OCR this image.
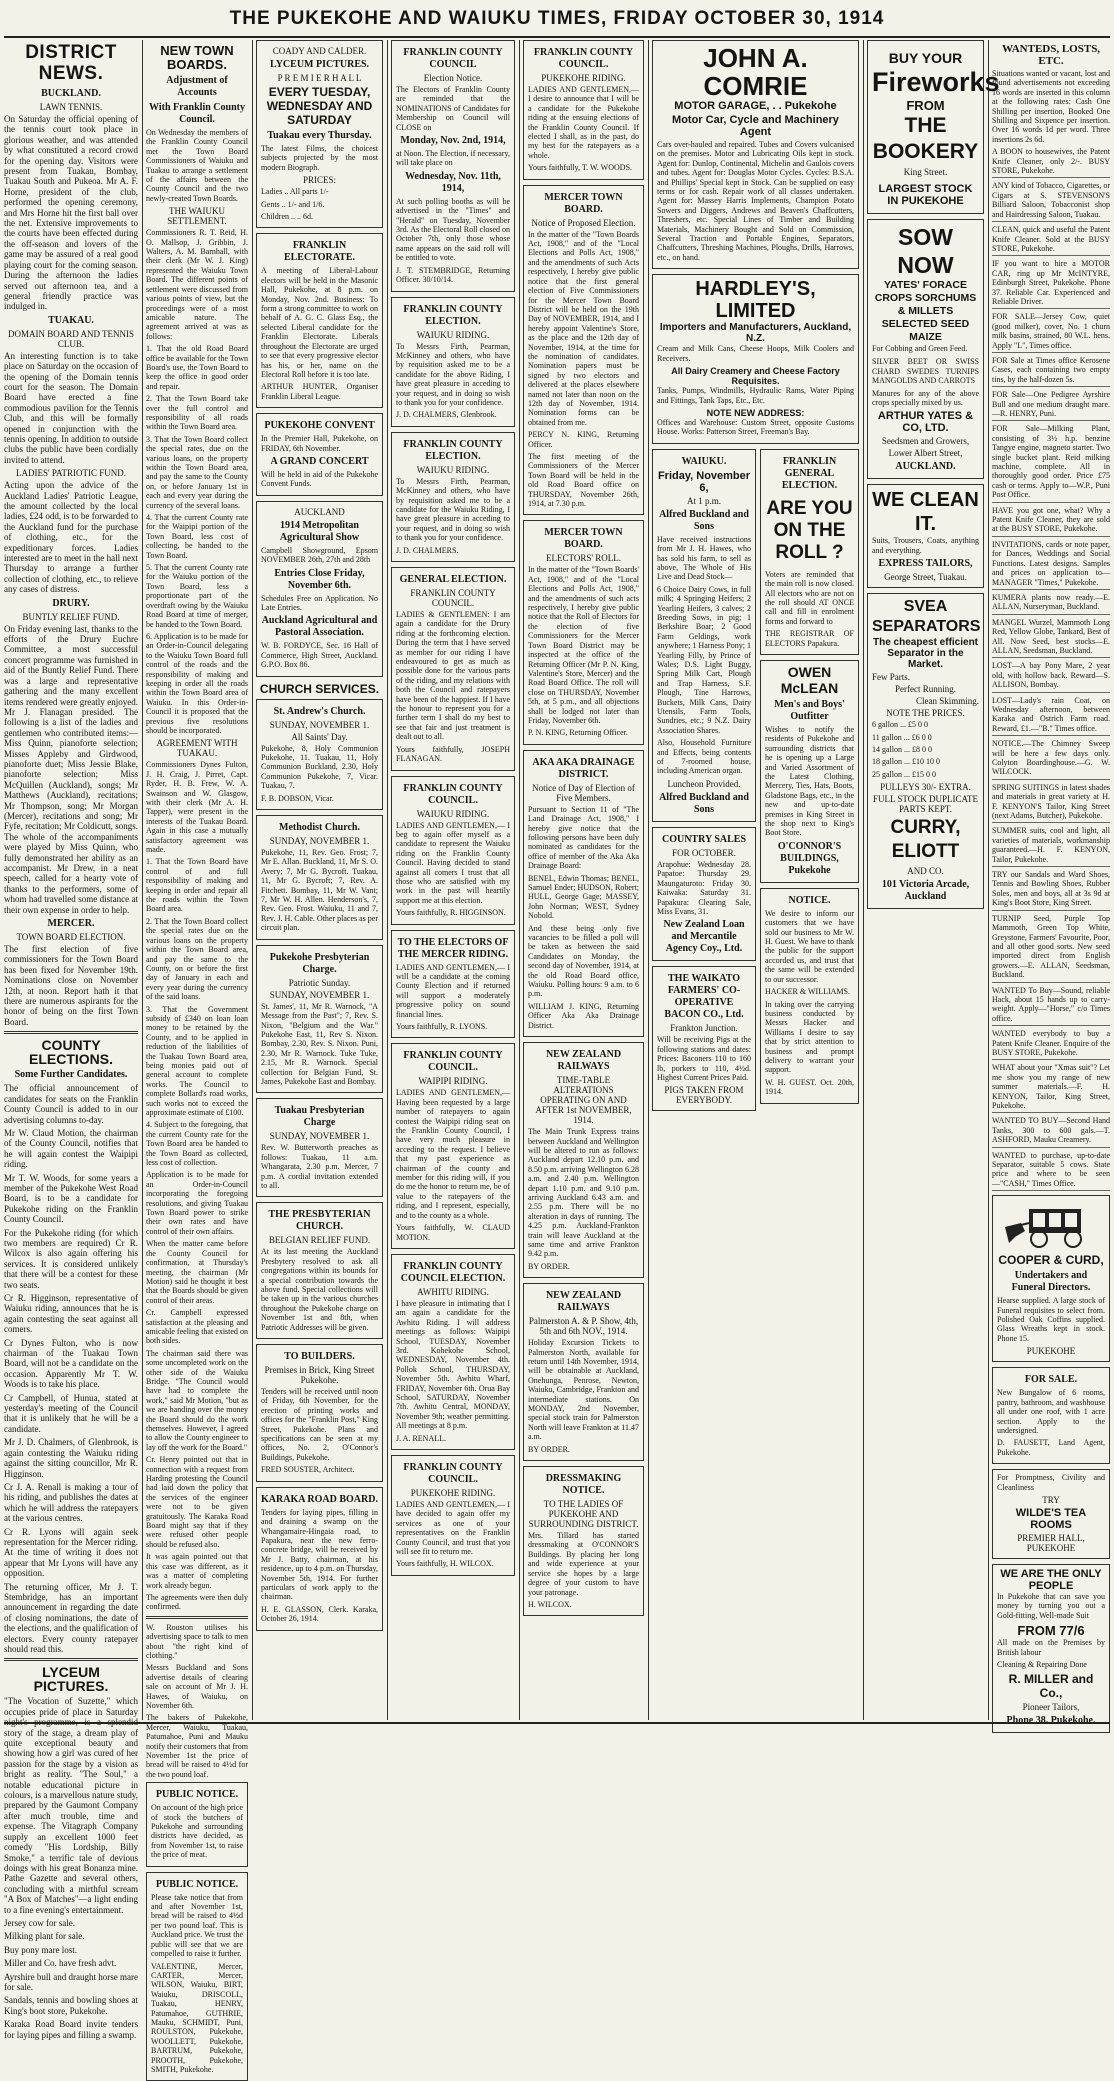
THE PUKEKOHE AND WAIUKU TIMES, FRIDAY OCTOBER 30, 1914
DISTRICT NEWS.
BUCKLAND.
LAWN TENNIS.

On Saturday the official opening of the tennis court took place in glorious weather, and was attended by what constituted a record crowd for the opening day. Visitors were present from Tuakau, Bombay, Tuakau South and Pukeoa. Mr A. F. Horne, president of the club, performed the opening ceremony, and Mrs Horne hit the first ball over the net. Extensive improvements to the courts have been effected during the off-season and lovers of the game may be assured of a real good playing court for the coming season. During the afternoon the ladies served out afternoon tea, and a general friendly practice was indulged in.

TUAKAU.
DOMAIN BOARD AND TENNIS CLUB.

An interesting function is to take place on Saturday on the occasion of the opening of the Domain tennis court for the season. The Domain Board have erected a fine commodious pavilion for the Tennis Club, and this will be formally opened in conjunction with the tennis opening. In addition to outside clubs the public have been cordially invited to attend.

LADIES' PATRIOTIC FUND.

Acting upon the advice of the Auckland Ladies' Patriotic League, the amount collected by the local ladies, £24 odd, is to be forwarded to the Auckland fund for the purchase of clothing, etc., for the expeditionary forces. Ladies interested are to meet in the hall next Thursday to arrange a further collection of clothing, etc., to relieve any cases of distress.

DRURY.
BUNTLY RELIEF FUND.

On Friday evening last, thanks to the efforts of the Drury Euchre Committee, a most successful concert programme was furnished in aid of the Buntly Relief Fund. There was a large and representative gathering and the many excellent items rendered were greatly enjoyed. Mr J. Flanagan presided. The following is a list of the ladies and gentlemen who contributed items:—Miss Quinn, pianoforte selection; Misses Appleby and Girdwood, pianoforte duet; Miss Jessie Blake, pianoforte selection; Miss McQuillen (Auckland), songs; Mr Matthews (Auckland), recitations; Mr Thompson, song; Mr Morgan (Mercer), recitations and song; Mr Fyfe, recitation; Mr Coldicutt, songs. The whole of the accompaniments were played by Miss Quinn, who fully demonstrated her ability as an accompanist. Mr Drew, in a neat speech, called for a hearty vote of thanks to the performers, some of whom had travelled some distance at their own expense in order to help.

MERCER.
TOWN BOARD ELECTION.

The first election of five commissioners for the Town Board has been fixed for November 19th. Nominations close on November 12th, at noon. Report hath it that there are numerous aspirants for the honor of being on the first Town Board.

COUNTY ELECTIONS.
Some Further Candidates.

The official announcement of candidates for seats on the Franklin County Council is added to in our advertising columns to-day.

Mr W. Claud Motion, the chairman of the County Council, notifies that he will again contest the Waipipi riding.

Mr T. W. Woods, for some years a member of the Pukekohe West Road Board, is to be a candidate for Pukekohe riding on the Franklin County Council.

For the Pukekohe riding (for which two members are required) Cr R. Wilcox is also again offering his services. It is considered unlikely that there will be a contest for these two seats.

Cr R. Higginson, representative of Waiuku riding, announces that he is again contesting the seat against all comers.

Cr Dynes Fulton, who is now chairman of the Tuakau Town Board, will not be a candidate on the occasion. Apparently Mr T. W. Woods is to take his place.

Cr Campbell, of Hunua, stated at yesterday's meeting of the Council that it is unlikely that he will be a candidate.

Mr J. D. Chalmers, of Glenbrook, is again contesting the Waiuku riding against the sitting councillor, Mr R. Higginson.

Cr J. A. Renall is making a tour of his riding, and publishes the dates at which he will address the ratepayers at the various centres.

Cr R. Lyons will again seek representation for the Mercer riding. At the time of writing it does not appear that Mr Lyons will have any opposition.

The returning officer, Mr J. T. Stembridge, has an important announcement in regarding the date of closing nominations, the date of the elections, and the qualification of electors. Every county ratepayer should read this.

LYCEUM PICTURES.

"The Vocation of Suzette," which occupies pride of place in Saturday night's programme, is a splendid story of the stage, a dream play of quite exceptional beauty and showing how a girl was cured of her passion for the stage by a vision as bright as reality. "The Soul," a notable educational picture in colours, is a marvellous nature study, prepared by the Gaumont Company after much trouble, time and expense. The Vitagraph Company supply an excellent 1000 feet comedy "His Lordship, Billy Smoke," a terrific tale of devious doings with his great Bonanza mine. Pathe Gazette and several others, concluding with a mirthful scream "A Box of Matches"—a light ending to a fine evening's entertainment.

Jersey cow for sale.

Milking plant for sale.

Buy pony mare lost.

Miller and Co. have fresh advt.

Ayrshire bull and draught horse mare for sale.

Sandals, tennis and bowling shoes at King's boot store, Pukekohe.

Karaka Road Board invite tenders for laying pipes and filling a swamp.

NEW TOWN BOARDS.
Adjustment of Accounts
With Franklin County Council.

On Wednesday the members of the Franklin County Council met the Town Board Commissioners of Waiuku and Tuakau to arrange a settlement of the affairs between the County Council and the two newly-created Town Boards.

THE WAIUKU SETTLEMENT.

Commissioners R. T. Reid, H. O. Mallsop, J. Gribbin, J. Walters, A. M. Barnhall, with their clerk (Mr W. J. King) represented the Waiuku Town Board. The different points of settlement were discussed from various points of view, but the proceedings were of a most amicable nature. The agreement arrived at was as follows:

1. That the old Road Board office be available for the Town Board's use, the Town Board to keep the office in good order and repair.

2. That the Town Board take over the full control and responsibility of all roads within the Town Board area.

3. That the Town Board collect the special rates, due on the various loans, on the property within the Town Board area, and pay the same to the County on, or before January 1st in each and every year during the currency of the several loans.

4. That the current County rate for the Waipipi portion of the Town Board, less cost of collecting, be handed to the Town Board.

5. That the current County rate for the Waiuku portion of the Town Board, less a proportionate part of the overdraft owing by the Waiuku Road Board at time of merger, be handed to the Town Board.

6. Application is to be made for an Order-in-Council delegating to the Waiuku Town Board full control of the roads and the responsibility of making and keeping in order all the roads within the Town Board area of Waiuku. In this Order-in-Council it is proposed that the previous five resolutions should be incorporated.

AGREEMENT WITH TUAKAU.

Commissioners Dynes Fulton, J. H. Craig, J. Pirret, Capt. Ryder, H. B. Frew, W. A. Swainson and W. Glasgow, with their clerk (Mr A. H. Tapper), were present in the interests of the Tuakau Board. Again in this case a mutually satisfactory agreement was made.

1. That the Town Board have control of and full responsibility of making and keeping in order and repair all the roads within the Town Board area.

2. That the Town Board collect the special rates due on the various loans on the property within the Town Board area, and pay the same to the County, on or before the first day of January in each and every year during the currency of the said loans.

3. That the Government subsidy of £340 on loan loan money to be retained by the County, and to be applied in reduction of the liabilities of the Tuakau Town Board area, being monies paid out of general account to complete works. The Council to complete Bollard's road works, such works not to exceed the approximate estimate of £100.

4. Subject to the foregoing, that the current County rate for the Town Board area be handed to the Town Board as collected, less cost of collection.

Application is to be made for an Order-in-Council incorporating the foregoing resolutions, and giving Tuakau Town Board power to strike their own rates and have control of their own affairs.

When the matter came before the County Council for confirmation, at Thursday's meeting, the chairman (Mr Motion) said he thought it best that the Boards should be given control of their areas.

Cr. Campbell expressed satisfaction at the pleasing and amicable feeling that existed on both sides.

The chairman said there was some uncompleted work on the other side of the Waiuku Bridge. "The Council would have had to complete the work," said Mr Motion, "but as we are handing over the money the Board should do the work themselves. However, I agreed to allow the County engineer to lay off the work for the Board."

Cr. Henry pointed out that in connection with a request from Harding protesting the Council had laid down the policy that the services of the engineer were not to be given gratuitously. The Karaka Road Board might say that if they were refused other people should be refused also.

It was again pointed out that this case was different, as it was a matter of completing work already begun.

The agreements were then duly confirmed.

W. Rouston utilises his advertising space to talk to men about "the right kind of clothing."

Messrs Buckland and Sons advertise details of clearing sale on account of Mr J. H. Hawes, of Waiuku, on November 6th.

The bakers of Pukekohe, Mercer, Waiuku, Tuakau, Patumahoe, Puni and Mauku notify their customers that from November 1st the price of bread will be raised to 4½d for the two pound loaf.

PUBLIC NOTICE.

On account of the high price of stock the butchers of Pukekohe and surrounding districts have decided, as from November 1st, to raise the price of meat.

PUBLIC NOTICE.

Please take notice that from and after November 1st, bread will be raised to 4½d per two pound loaf. This is Auckland price. We trust the public will see that we are compelled to raise it further.

VALENTINE, Mercer, CARTER, Mercer, WILSON, Waiuku, BIRT, Waiuku, DRISCOLL, Tuakau, HENRY, Patumahoe, GUTHRIE, Mauku, SCHMIDT, Puni, ROULSTON, Pukekohe, WOOLLETT, Pukekohe, BARTRUM, Pukekohe, PROOTH, Pukekohe, SMITH, Pukekohe.

COADY AND CALDER.
LYCEUM PICTURES.
P R E M I E R H A L L
EVERY TUESDAY, WEDNESDAY AND SATURDAY
Tuakau every Thursday.

The latest Films, the choicest subjects projected by the most modern Biograph.

PRICES:

Ladies .. All parts 1/-

Gents .. 1/- and 1/6.

Children .. .. 6d.

FRANKLIN ELECTORATE.

A meeting of Liberal-Labour electors will be held in the Masonic Hall, Pukekohe, at 8 p.m. on Monday, Nov. 2nd. Business: To form a strong committee to work on behalf of A. G. C. Glass Esq., the selected Liberal candidate for the Franklin Electorate. Liberals throughout the Electorate are urged to see that every progressive elector has his, or her, name on the Electoral Roll before it is too late.

ARTHUR HUNTER, Organiser Franklin Liberal League.

PUKEKOHE CONVENT

In the Premier Hall, Pukekohe, on FRIDAY, 6th November.

A GRAND CONCERT

Will be held in aid of the Pukekohe Convent Funds.

AUCKLAND
1914 Metropolitan Agricultural Show

Campbell Showground, Epsom NOVEMBER 26th, 27th and 28th

Entries Close Friday, November 6th.

Schedules Free on Application. No Late Entries.

Auckland Agricultural and Pastoral Association.

W. B. FORDYCE, Sec. 16 Hall of Commerce, High Street, Auckland. G.P.O. Box 86.

CHURCH SERVICES.
St. Andrew's Church.
SUNDAY, NOVEMBER 1.
All Saints' Day.

Pukekohe, 8, Holy Communion Pukekohe, 11. Tuakau, 11, Holy Communion Buckland, 2.30, Holy Communion Pukekohe, 7, Vicar. Tuakau, 7.

F. B. DOBSON, Vicar.

Methodist Church.
SUNDAY, NOVEMBER 1.

Pukekohe, 11, Rev. Geo. Frost; 7, Mr E. Allan. Buckland, 11, Mr S. O. Avery; 7, Mr G. Bycroft. Tuakau, 11, Mr G. Bycroft; 7, Rev. A. Fitchett. Bombay, 11, Mr W. Vant; 7, Mr W. H. Allen. Henderson's, 7, Rev. Geo. Frost. Waiuku, 11 and 7, Rev. J. H. Cable. Other places as per circuit plan.

Pukekohe Presbyterian Charge.
Patriotic Sunday.
SUNDAY, NOVEMBER 1.

St. James', 11, Mr R. Warnock, "A Message from the Past"; 7, Rev. S. Nixon, "Belgium and the War." Pukekohe East, 11, Rev S. Nixon. Bombay, 2.30, Rev. S. Nixon. Puni, 2.30, Mr R. Warnock. Tuke Tuke, 2.15, Mr R. Warnock. Special collection for Belgian Fund, St. James, Pukekohe East and Bombay.

Tuakau Presbyterian Charge
SUNDAY, NOVEMBER 1.

Rev. W. Butterworth preaches as follows: Tuakau, 11 a.m. Whangarata, 2.30 p.m. Mercer, 7 p.m. A cordial invitation extended to all.

THE PRESBYTERIAN CHURCH.
BELGIAN RELIEF FUND.

At its last meeting the Auckland Presbytery resolved to ask all congregations within its bounds for a special contribution towards the above fund. Special collections will be taken up in the various churches throughout the Pukekohe charge on November 1st and 8th, when Patriotic Addresses will be given.

TO BUILDERS.
Premises in Brick, King Street Pukekohe.

Tenders will be received until noon of Friday, 6th November, for the erection of printing works and offices for the "Franklin Post," King Street, Pukekohe. Plans and specifications can be seen at my offices, No. 2, O'Connor's Buildings, Pukekohe.

FRED SOUSTER, Architect.

KARAKA ROAD BOARD.

Tenders for laying pipes, filling in and draining a swamp on the Whangamaire-Hingaia road, to Papakura, near the new ferro-concrete bridge, will be received by Mr J. Batty, chairman, at his residence, up to 4 p.m. on Thursday, November 5th, 1914. For further particulars of work apply to the chairman.

H. E. GLASSON, Clerk. Karaka, October 26, 1914.

FRANKLIN COUNTY COUNCIL
Election Notice.

The Electors of Franklin County are reminded that the NOMINATIONS of Candidates for Membership on Council will CLOSE on

Monday, Nov. 2nd, 1914,

at Noon. The Election, if necessary, will take place on

Wednesday, Nov. 11th, 1914,

At such polling booths as will be advertised in the "Times" and "Herald" on Tuesday, November 3rd. As the Electoral Roll closed on October 7th, only those whose name appears on the said roll will be entitled to vote.

J. T. STEMBRIDGE, Returning Officer. 30/10/14.

FRANKLIN COUNTY ELECTION.
WAIUKU RIDING.

To Messrs Firth, Pearman, McKinney and others, who have by requisition asked me to be a candidate for the above Riding, I have great pleasure in acceding to your request, and in doing so wish to thank you for your confidence.

J. D. CHALMERS, Glenbrook.

FRANKLIN COUNTY ELECTION.
WAIUKU RIDING.

To Messrs Firth, Pearman, McKinney and others, who have by requisition asked me to be a candidate for the Waiuku Riding, I have great pleasure in acceding to your request, and in doing so wish to thank you for your confidence.

J. D. CHALMERS.

GENERAL ELECTION.
FRANKLIN COUNTY COUNCIL.

LADIES & GENTLEMEN: I am again a candidate for the Drury riding at the forthcoming election. During the term that I have served as member for our riding I have endeavoured to get as much as possible done for the various parts of the riding, and my relations with both the Council and ratepayers have been of the happiest. If I have the honour to represent you for a further term I shall do my best to see that fair and just treatment is dealt out to all.

Yours faithfully, JOSEPH FLANAGAN.

FRANKLIN COUNTY COUNCIL.
WAIUKU RIDING.

LADIES AND GENTLEMEN,— I beg to again offer myself as a candidate to represent the Waiuku riding on the Franklin County Council. Having decided to stand against all comers I trust that all those who are satisfied with my work in the past will heartily support me at this election.

Yours faithfully, R. HIGGINSON.

TO THE ELECTORS OF THE MERCER RIDING.

LADIES AND GENTLEMEN,— I will be a candidate at the coming County Election and if returned will support a moderately progressive policy on sound financial lines.

Yours faithfully, R. LYONS.

FRANKLIN COUNTY COUNCIL.
WAIPIPI RIDING.

LADIES AND GENTLEMEN,— Having been requested by a large number of ratepayers to again contest the Waipipi riding seat on the Franklin County Council, I have very much pleasure in acceding to the request. I believe that my past experience as chairman of the county and member for this riding will, if you do me the honor to return me, be of value to the ratepayers of the riding, and I represent, especially, and to the county as a whole.

Yours faithfully, W. CLAUD MOTION.

FRANKLIN COUNTY COUNCIL ELECTION.
AWHITU RIDING.

I have pleasure in intimating that I am again a candidate for the Awhitu Riding. I will address meetings as follows: Waipipi School, TUESDAY, November 3rd. Kohekohe School, WEDNESDAY, November 4th. Pollok School, THURSDAY, November 5th. Awhitu Wharf, FRIDAY, November 6th. Orua Bay School, SATURDAY, November 7th. Awhitu Central, MONDAY, November 9th; weather permitting. All meetings at 8 p.m.

J. A. RENALL.

FRANKLIN COUNTY COUNCIL.
PUKEKOHE RIDING.

LADIES AND GENTLEMEN,— I have decided to again offer my services as one of your representatives on the Franklin County Council, and trust that you will see fit to return me.

Yours faithfully, H. WILCOX.

FRANKLIN COUNTY COUNCIL.
PUKEKOHE RIDING.

LADIES AND GENTLEMEN,— I desire to announce that I will be a candidate for the Pukekohe riding at the ensuing elections of the Franklin County Council. If elected I shall, as in the past, do my best for the ratepayers as a whole.

Yours faithfully, T. W. WOODS.

MERCER TOWN BOARD.
Notice of Proposed Election.

In the matter of the "Town Boards Act, 1908," and of the "Local Elections and Polls Act, 1908," and the amendments of such Acts respectively, I hereby give public notice that the first general election of Five Commissioners for the Mercer Town Board District will be held on the 19th Day of NOVEMBER, 1914, and I hereby appoint Valentine's Store, as the place and the 12th day of November, 1914, at the time for the nomination of candidates. Nomination papers must be signed by two electors and delivered at the places elsewhere named not later than noon on the 12th day of November, 1914. Nomination forms can be obtained from me.

PERCY N. KING, Returning Officer.

The first meeting of the Commissioners of the Mercer Town Board will be held in the old Road Board office on THURSDAY, November 26th, 1914, at 7.30 p.m.

MERCER TOWN BOARD.
ELECTORS' ROLL.

In the matter of the "Town Boards' Act, 1908," and of the "Local Elections and Polls Act, 1908," and the amendments of such acts respectively, I hereby give public notice that the Roll of Electors for the election of five Commissioners for the Mercer Town Board District may be inspected at the office of the Returning Officer (Mr P. N. King, Valentine's Store, Mercer) and the Road Board Office. The roll will close on THURSDAY, November 5th, at 5 p.m., and all objections shall be lodged not later than Friday, November 6th.

P. N. KING, Returning Officer.

AKA AKA DRAINAGE DISTRICT.
Notice of Day of Election of Five Members.

Pursuant to Section 11 of "The Land Drainage Act, 1908," I hereby give notice that the following persons have been duly nominated as candidates for the office of member of the Aka Aka Drainage Board:

BENEL, Edwin Thomas; BENEL, Samuel Ender; HUDSON, Robert; HULL, George Gage; MASSEY, John Norman; WEST, Sydney Nobold.

And these being only five vacancies to be filled a poll will be taken as between the said Candidates on Monday, the second day of November, 1914, at the old Road Board office, Waiuku. Polling hours: 9 a.m. to 6 p.m.

WILLIAM J. KING, Returning Officer Aka Aka Drainage District.

NEW ZEALAND RAILWAYS
TIME-TABLE ALTERATIONS OPERATING ON AND AFTER 1st NOVEMBER, 1914.

The Main Trunk Express trains between Auckland and Wellington will be altered to run as follows: Auckland depart 12.10 p.m. and 8.50 p.m. arriving Wellington 6.28 a.m. and 2.40 p.m. Wellington depart 1.10 p.m. and 9.10 p.m. arriving Auckland 6.43 a.m. and 2.55 p.m. There will be no alteration in days of running. The 4.25 p.m. Auckland-Frankton train will leave Auckland at the same time and arrive Frankton 9.42 p.m.

BY ORDER.

NEW ZEALAND RAILWAYS
Palmerston A. & P. Show, 4th, 5th and 6th NOV., 1914.

Holiday Excursion Tickets to Palmerston North, available for return until 14th November, 1914, will be obtainable at Auckland, Onehunga, Penrose, Newton, Waiuku, Cambridge, Frankton and intermediate stations. On MONDAY, 2nd November, special stock train for Palmerston North will leave Frankton at 11.47 a.m.

BY ORDER.

DRESSMAKING NOTICE.
TO THE LADIES OF PUKEKOHE AND SURROUNDING DISTRICT.

Mrs. Tillard has started dressmaking at O'CONNOR'S Buildings. By placing her long and wide experience at your service she hopes by a large degree of your custom to have your patronage.

H. WILCOX.

JOHN A. COMRIE
MOTOR GARAGE, . . Pukekohe
Motor Car, Cycle and Machinery Agent

Cars over-hauled and repaired. Tubes and Covers vulcanised on the premises. Motor and Lubricating Oils kept in stock. Agent for: Dunlop, Continental, Michelin and Gaulois covers and tubes. Agent for: Douglas Motor Cycles. Cycles: B.S.A. and Phillips' Special kept in Stock. Can be supplied on easy terms or for cash. Repair work of all classes undertaken. Agent for: Massey Harris Implements, Champion Potato Sowers and Diggers, Andrews and Beaven's Chaffcutters, Threshers, etc. Special Lines of Timber and Building Materials, Machinery Bought and Sold on Commission, Several Traction and Portable Engines, Separators, Chaffcutters, Threshing Machines, Ploughs, Drills, Harrows, etc., on hand.

HARDLEY'S, LIMITED
Importers and Manufacturers, Auckland, N.Z.

Cream and Milk Cans, Cheese Hoops, Milk Coolers and Receivers.

All Dairy Creamery and Cheese Factory Requisites.

Tanks, Pumps, Windmills, Hydraulic Rams, Water Piping and Fittings, Tank Taps, Etc., Etc.

NOTE NEW ADDRESS:

Offices and Warehouse: Custom Street, opposite Customs House. Works: Patterson Street, Freeman's Bay.

WAIUKU.
Friday, November 6,
At 1 p.m.
Alfred Buckland and Sons

Have received instructions from Mr J. H. Hawes, who has sold his farm, to sell as above, The Whole of His Live and Dead Stock—

6 Choice Dairy Cows, in full milk; 4 Springing Heifers; 2 Yearling Heifers, 3 calves; 2 Breeding Sows, in pig; 1 Berkshire Boar; 2 Good Farm Geldings, work anywhere; 1 Harness Pony; 1 Yearling Filly, by Prince of Wales; D.S. Light Buggy, Spring Milk Cart, Plough and Trap Harness, S.F. Plough, Tine Harrows, Buckets, Milk Cans, Dairy Utensils, Farm Tools, Sundries, etc.; 9 N.Z. Dairy Association Shares.

Also, Household Furniture and Effects, being contents of 7-roomed house, including American organ.

Luncheon Provided.
Alfred Buckland and Sons
COUNTRY SALES
FOR OCTOBER.

Arapohue: Wednesday 28. Papatoe: Thursday 29. Maungaturoto: Friday 30. Kaiwaka: Saturday 31. Papakura: Clearing Sale, Miss Evans, 31.

New Zealand Loan and Mercantile Agency Coy., Ltd.
THE WAIKATO FARMERS' CO-OPERATIVE BACON CO., Ltd.
Frankton Junction.

Will be receiving Pigs at the following stations and dates: Prices: Baconers 110 to 160 lb, porkers to 110, 4½d. Highest Current Prices Paid.

PIGS TAKEN FROM EVERYBODY.
FRANKLIN GENERAL ELECTION.
ARE YOU ON THE ROLL ?

Voters are reminded that the main roll is now closed. All electors who are not on the roll should AT ONCE call and fill in enrolment forms and forward to

THE REGISTRAR OF ELECTORS Papakura.

OWEN McLEAN
Men's and Boys' Outfitter

Wishes to notify the residents of Pukekohe and surrounding districts that he is opening up a Large and Varied Assortment of the Latest Clothing, Mercery, Ties, Hats, Boots, Gladstone Bags, etc., in the new and up-to-date premises in King Street in the shop next to King's Boot Store.

O'CONNOR'S BUILDINGS, Pukekohe
NOTICE.

We desire to inform our customers that we have sold our business to Mr W. H. Guest. We have to thank the public for the support accorded us, and trust that the same will be extended to our successor.

HACKER & WILLIAMS.

In taking over the carrying business conducted by Messrs Hacker and Williams I desire to say that by strict attention to business and prompt delivery to warrant your support.

W. H. GUEST. Oct. 20th, 1914.

BUY YOUR
Fireworks
FROM
THE BOOKERY
King Street.
LARGEST STOCK IN PUKEKOHE
SOW NOW
YATES' FORACE CROPS SORCHUMS & MILLETS SELECTED SEED MAIZE

For Cobbing and Green Feed.

SILVER BEET OR SWISS CHARD SWEDES TURNIPS MANGOLDS AND CARROTS

Manures for any of the above crops specially mixed by us.

ARTHUR YATES & CO, LTD.
Seedsmen and Growers,
Lower Albert Street,
AUCKLAND.
WE CLEAN IT.

Suits, Trousers, Coats, anything and everything.

EXPRESS TAILORS,
George Street, Tuakau.
SVEA SEPARATORS
The cheapest efficient Separator in the Market.
Few Parts.
Perfect Running.
Clean Skimming.
NOTE THE PRICES.

6 gallon ... £5 0 0

11 gallon ... £6 0 0

14 gallon ... £8 0 0

18 gallon ... £10 10 0

25 gallon ... £15 0 0

PULLEYS 30/- EXTRA.
FULL STOCK DUPLICATE PARTS KEPT.
CURRY, ELIOTT
AND CO.
101 Victoria Arcade, Auckland
WANTEDS, LOSTS, ETC.

Situations wanted or vacant, lost and found advertisements not exceeding 16 words are inserted in this column at the following rates: Cash One Shilling per insertion, Booked One Shilling and Sixpence per insertion. Over 16 words 1d per word. Three insertions 2s 6d.

A BOON to housewives, the Patent Knife Cleaner, only 2/-. BUSY STORE, Pukekohe.

ANY kind of Tobacco, Cigarettes, or Cigars at S. STEVENSON'S Billiard Saloon, Tobacconist shop and Hairdressing Saloon, Tuakau.

CLEAN, quick and useful the Patent Knife Cleaner. Sold at the BUSY STORE, Pukekohe.

IF you want to hire a MOTOR CAR, ring up Mr McINTYRE, Edinburgh Street, Pukekohe. Phone 37. Reliable Car. Experienced and Reliable Driver.

FOR SALE—Jersey Cow, quiet (good milker), cover, No. 1 churn milk basins, strained, 80 W.L. hens. Apply "L", Times office.

FOR Sale at Times office Kerosene Cases, each containing two empty tins, by the half-dozen 5s.

FOR Sale—One Pedigree Ayrshire Bull and one medium draught mare.—R. HENRY, Puni.

FOR Sale—Milking Plant, consisting of 3½ h.p. benzine Tangye engine, magneto starter. Two single bucket plant. Reid milking machine, complete. All in thoroughly good order. Price £75 cash or terms. Apply to—W.P., Puni Post Office.

HAVE you got one, what? Why a Patent Knife Cleaner, they are sold at the BUSY STORE, Pukekohe.

INVITATIONS, cards or note paper, for Dances, Weddings and Social Functions. Latest designs. Samples and prices on application to—MANAGER "Times," Pukekohe.

KUMERA plants now ready.—E. ALLAN, Nurseryman, Buckland.

MANGEL Wurzel, Mammoth Long Red, Yellow Globe, Tankard, Best of All. Now Seed, best stocks—E. ALLAN, Seedsman, Buckland.

LOST—A bay Pony Mare, 2 year old, with hollow back. Reward—S. ALLISON, Bombay.

LOST—Lady's rain Coat, on Wednesday afternoon, between Karaka and Ostrich Farm road. Reward, £1.—"B." Times office.

NOTICE.—The Chimney Sweep will be here a few days only. Colyton Boardinghouse.—G. W. WILCOCK.

SPRING SUITINGS in latest shades and materials in great variety at H. F. KENYON'S Tailor, King Street (next Adams, Butcher), Pukekohe.

SUMMER suits, cool and light, all varieties of materials, workmanship guaranteed.—H. F. KENYON, Tailor, Pukekohe.

TRY our Sandals and Ward Shoes, Tennis and Bowling Shoes, Rubber Soles, men and boys, all at 3s 9d at King's Boot Store, King Street.

TURNIP Seed, Purple Top Mammoth, Green Top White, Greystone, Farmers' Favourite, Poor, and all other good sorts. New seed imported direct from English growers.—E. ALLAN, Seedsman, Buckland.

WANTED To Buy—Sound, reliable Hack, about 15 hands up to carry-weight. Apply—"Horse," c/o Times office.

WANTED everybody to buy a Patent Knife Cleaner. Enquire of the BUSY STORE, Pukekohe.

WHAT about your "Xmas suit"? Let me show you my range of new summer materials.—F. H. KENYON, Tailor, King Street, Pukekohe.

WANTED TO BUY—Second Hand Tanks, 300 to 600 gals.—T. ASHFORD, Mauku Creamery.

WANTED to purchase, up-to-date Separator, suitable 5 cows. State price and where to be seen—"CASH," Times Office.

COOPER & CURD,
Undertakers and Funeral Directors.

Hearse supplied. A large stock of Funeral requisites to select from. Polished Oak Coffins supplied. Glass Wreaths kept in stock. Phone 15.

PUKEKOHE
FOR SALE.

New Bungalow of 6 rooms, pantry, bathroom, and washhouse all under one roof, with 1 acre section. Apply to the undersigned.

D. FAUSETT, Land Agent, Pukekohe.

For Promptness, Civility and Cleanliness

TRY
WILDE'S TEA ROOMS
PREMIER HALL, PUKEKOHE
WE ARE THE ONLY PEOPLE

In Pukekohe that can save you money by turning you out a Gold-fitting, Well-made Suit

FROM 77/6

All made on the Premises by British labour

Cleaning & Repairing Done

R. MILLER and Co.,
Pioneer Tailors,
Phone 38. Pukekohe.
